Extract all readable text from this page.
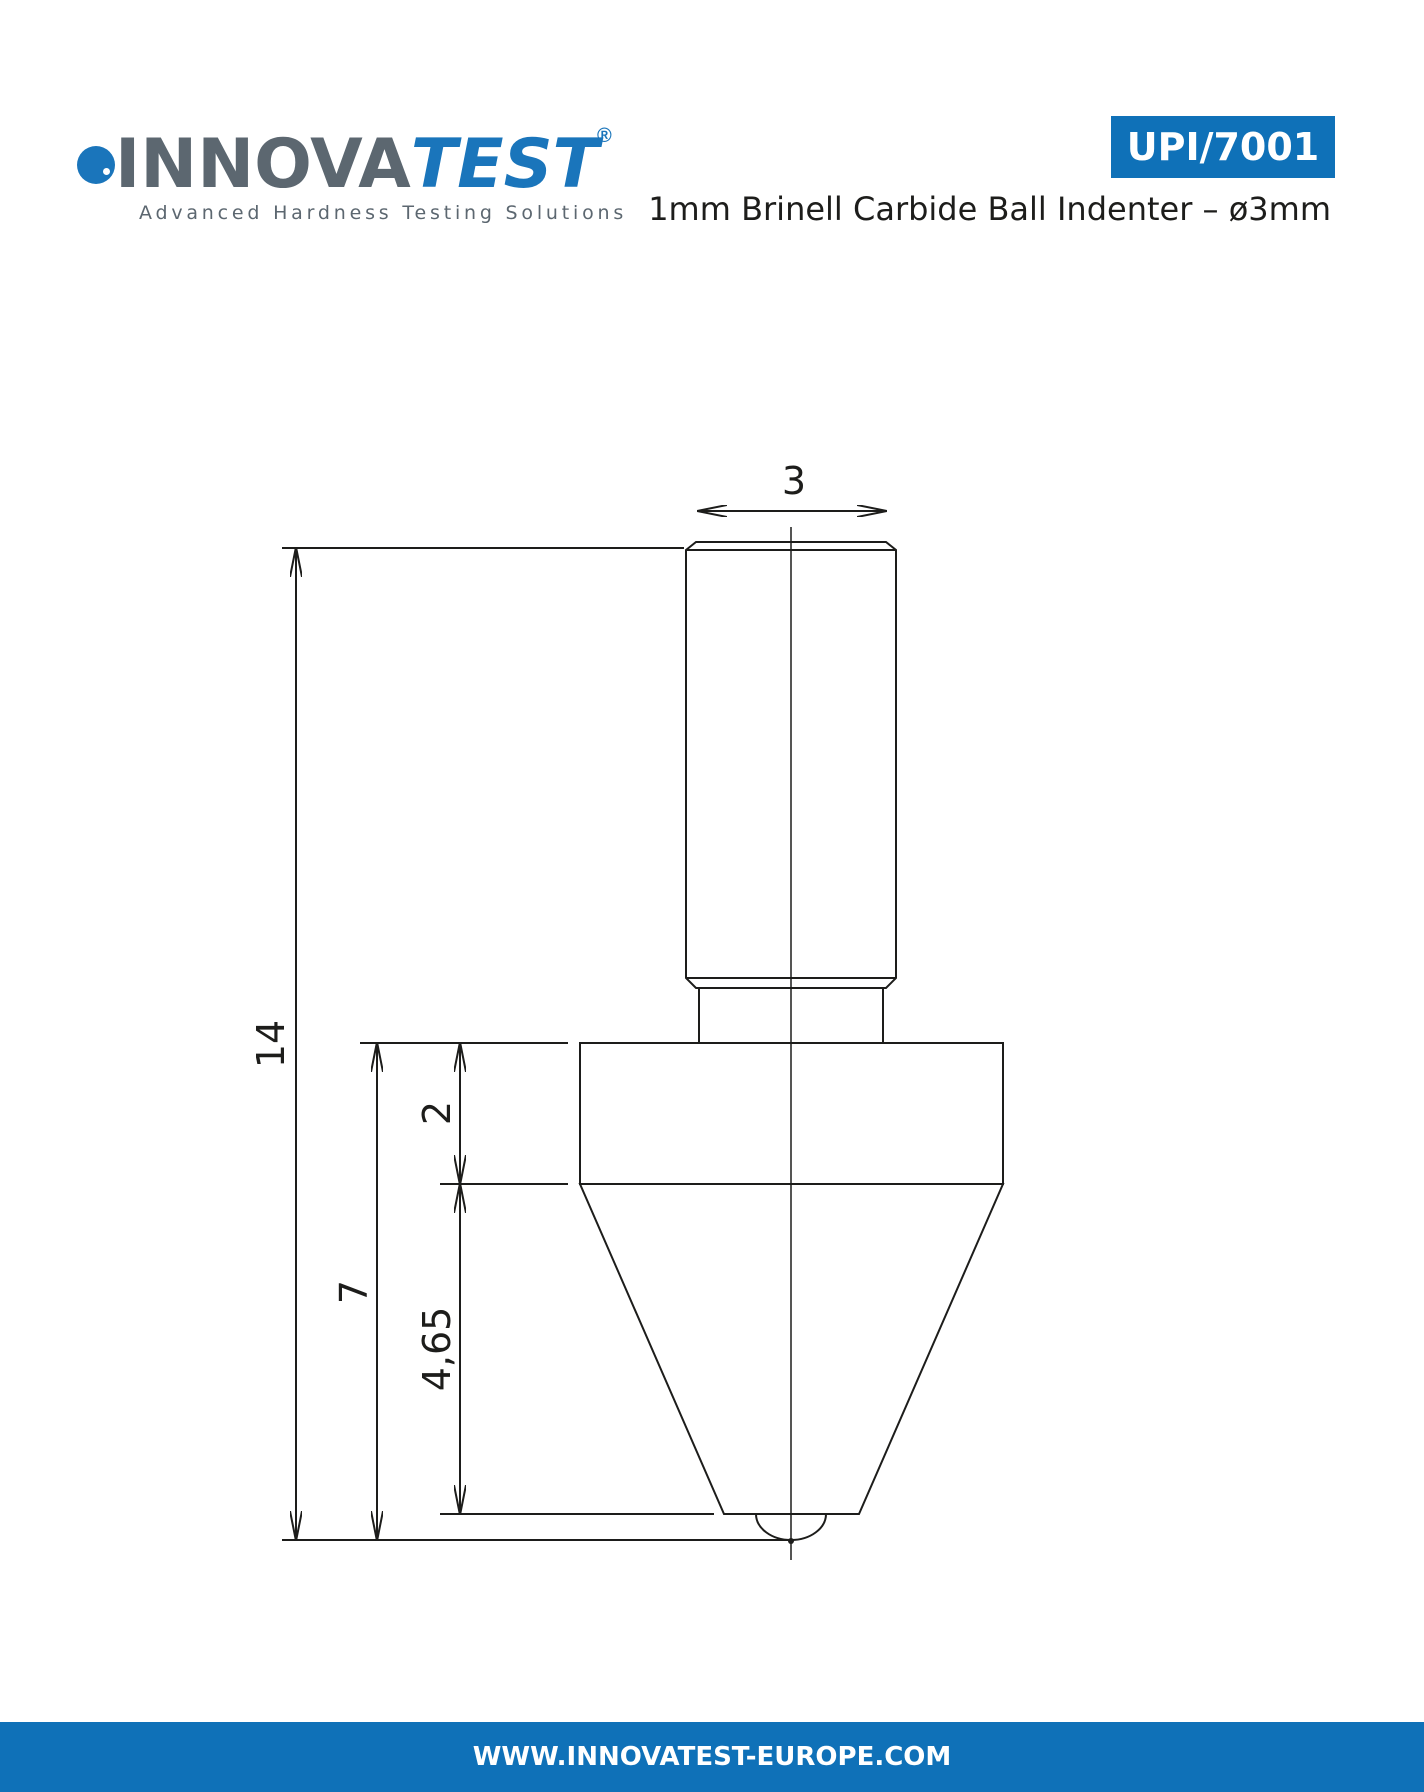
INNOVATEST
®
Advanced Hardness Testing Solutions
UPI/7001
1mm Brinell Carbide Ball Indenter – ø3mm
3
14
7
2
4,65
WWW.INNOVATEST-EUROPE.COM
